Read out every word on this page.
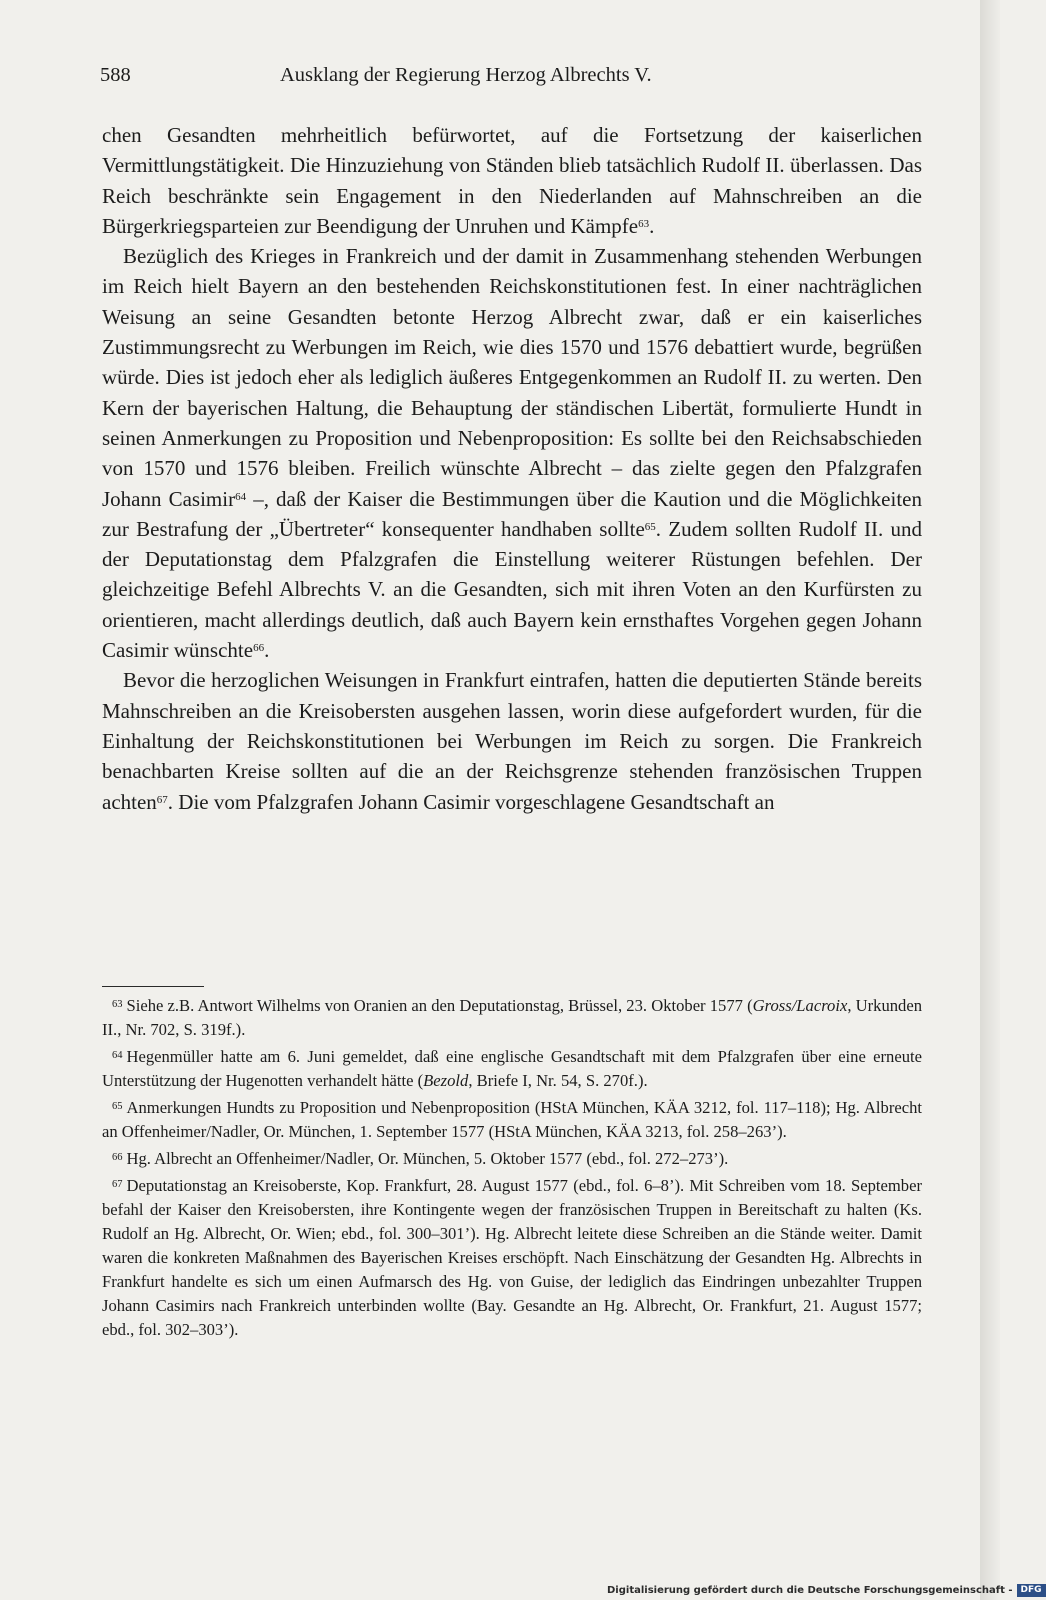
588	Ausklang der Regierung Herzog Albrechts V.

chen Gesandten mehrheitlich befürwortet, auf die Fortsetzung der kaiserlichen Vermittlungstätigkeit. Die Hinzuziehung von Ständen blieb tatsächlich Rudolf II. überlassen. Das Reich beschränkte sein Engagement in den Niederlanden auf Mahnschreiben an die Bürgerkriegsparteien zur Beendigung der Unruhen und Kämpfe$^{63}$.

Bezüglich des Krieges in Frankreich und der damit in Zusammenhang stehenden Werbungen im Reich hielt Bayern an den bestehenden Reichskonstitutionen fest. In einer nachträglichen Weisung an seine Gesandten betonte Herzog Albrecht zwar, daß er ein kaiserliches Zustimmungsrecht zu Werbungen im Reich, wie dies 1570 und 1576 debattiert wurde, begrüßen würde. Dies ist jedoch eher als lediglich äußeres Entgegenkommen an Rudolf II. zu werten. Den Kern der bayerischen Haltung, die Behauptung der ständischen Libertät, formulierte Hundt in seinen Anmerkungen zu Proposition und Nebenproposition: Es sollte bei den Reichsabschieden von 1570 und 1576 bleiben. Freilich wünschte Albrecht – das zielte gegen den Pfalzgrafen Johann Casimir$^{64}$ –, daß der Kaiser die Bestimmungen über die Kaution und die Möglichkeiten zur Bestrafung der „Übertreter“ konsequenter handhaben sollte$^{65}$. Zudem sollten Rudolf II. und der Deputationstag dem Pfalzgrafen die Einstellung weiterer Rüstungen befehlen. Der gleichzeitige Befehl Albrechts V. an die Gesandten, sich mit ihren Voten an den Kurfürsten zu orientieren, macht allerdings deutlich, daß auch Bayern kein ernsthaftes Vorgehen gegen Johann Casimir wünschte$^{66}$.

Bevor die herzoglichen Weisungen in Frankfurt eintrafen, hatten die deputierten Stände bereits Mahnschreiben an die Kreisobersten ausgehen lassen, worin diese aufgefordert wurden, für die Einhaltung der Reichskonstitutionen bei Werbungen im Reich zu sorgen. Die Frankreich benachbarten Kreise sollten auf die an der Reichsgrenze stehenden französischen Truppen achten$^{67}$. Die vom Pfalzgrafen Johann Casimir vorgeschlagene Gesandtschaft an

$^{63}$ Siehe z.B. Antwort Wilhelms von Oranien an den Deputationstag, Brüssel, 23. Oktober 1577 (Gross/Lacroix, Urkunden II., Nr. 702, S. 319f.).

$^{64}$ Hegenmüller hatte am 6. Juni gemeldet, daß eine englische Gesandtschaft mit dem Pfalzgrafen über eine erneute Unterstützung der Hugenotten verhandelt hätte (Bezold, Briefe I, Nr. 54, S. 270f.).

$^{65}$ Anmerkungen Hundts zu Proposition und Nebenproposition (HStA München, KÄA 3212, fol. 117–118); Hg. Albrecht an Offenheimer/Nadler, Or. München, 1. September 1577 (HStA München, KÄA 3213, fol. 258–263’).

$^{66}$ Hg. Albrecht an Offenheimer/Nadler, Or. München, 5. Oktober 1577 (ebd., fol. 272–273’).

$^{67}$ Deputationstag an Kreisoberste, Kop. Frankfurt, 28. August 1577 (ebd., fol. 6–8’). Mit Schreiben vom 18. September befahl der Kaiser den Kreisobersten, ihre Kontingente wegen der französischen Truppen in Bereitschaft zu halten (Ks. Rudolf an Hg. Albrecht, Or. Wien; ebd., fol. 300–301’). Hg. Albrecht leitete diese Schreiben an die Stände weiter. Damit waren die konkreten Maßnahmen des Bayerischen Kreises erschöpft. Nach Einschätzung der Gesandten Hg. Albrechts in Frankfurt handelte es sich um einen Aufmarsch des Hg. von Guise, der lediglich das Eindringen unbezahlter Truppen Johann Casimirs nach Frankreich unterbinden wollte (Bay. Gesandte an Hg. Albrecht, Or. Frankfurt, 21. August 1577; ebd., fol. 302–303’).

Digitalisierung gefördert durch die Deutsche Forschungsgemeinschaft - DFG
